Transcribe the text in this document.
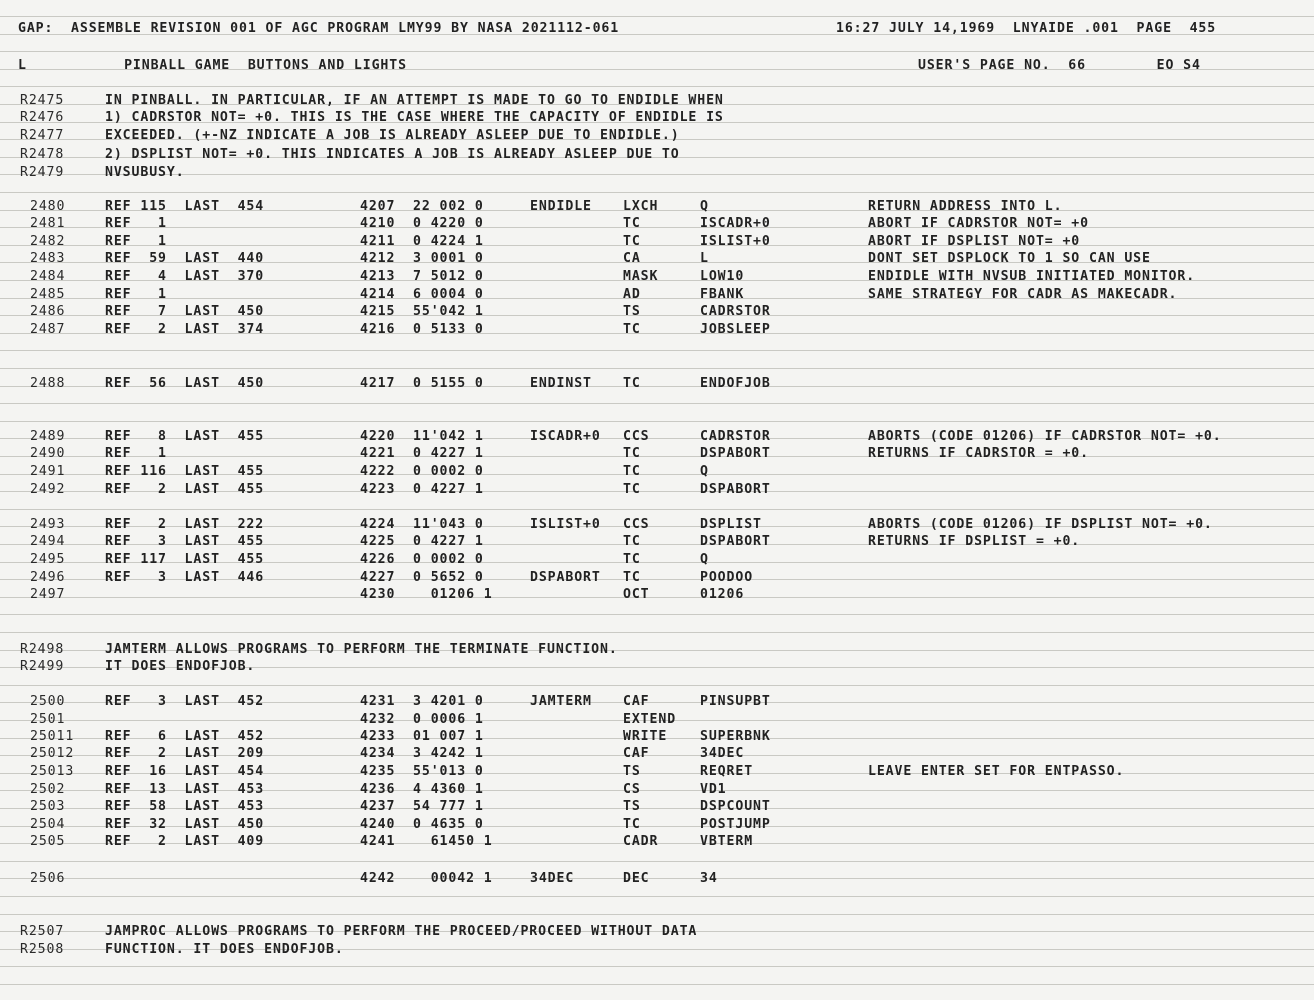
GAP:  ASSEMBLE REVISION 001 OF AGC PROGRAM LMY99 BY NASA 2021112-061	16:27 JULY 14,1969  LNYAIDE .001  PAGE  455
L           PINBALL GAME  BUTTONS AND LIGHTS	USER'S PAGE NO.  66        EO S4
R2475	IN PINBALL. IN PARTICULAR, IF AN ATTEMPT IS MADE TO GO TO ENDIDLE WHEN
R2476	1) CADRSTOR NOT= +0. THIS IS THE CASE WHERE THE CAPACITY OF ENDIDLE IS
R2477	EXCEEDED. (+-NZ INDICATE A JOB IS ALREADY ASLEEP DUE TO ENDIDLE.)
R2478	2) DSPLIST NOT= +0. THIS INDICATES A JOB IS ALREADY ASLEEP DUE TO
R2479	NVSUBUSY.
2480	REF 115  LAST  454	4207  22 002 0	ENDIDLE LXCH	Q	RETURN ADDRESS INTO L.
2481	REF   1	4210  0 4220 0	TC	ISCADR+0	ABORT IF CADRSTOR NOT= +0
2482	REF   1	4211  0 4224 1	TC	ISLIST+0	ABORT IF DSPLIST NOT= +0
2483	REF  59  LAST  440	4212  3 0001 0	CA	L	DONT SET DSPLOCK TO 1 SO CAN USE
2484	REF   4  LAST  370	4213  7 5012 0	MASK	LOW10	ENDIDLE WITH NVSUB INITIATED MONITOR.
2485	REF   1	4214  6 0004 0	AD	FBANK	SAME STRATEGY FOR CADR AS MAKECADR.
2486	REF   7  LAST  450	4215  55'042 1	TS	CADRSTOR
2487	REF   2  LAST  374	4216  0 5133 0	TC	JOBSLEEP
2488	REF  56  LAST  450	4217  0 5155 0	ENDINST TC	ENDOFJOB
2489	REF   8  LAST  455	4220  11'042 1	ISCADR+0 CCS	CADRSTOR	ABORTS (CODE 01206) IF CADRSTOR NOT= +0.
2490	REF   1	4221  0 4227 1	TC	DSPABORT	RETURNS IF CADRSTOR = +0.
2491	REF 116  LAST  455	4222  0 0002 0	TC	Q
2492	REF   2  LAST  455	4223  0 4227 1	TC	DSPABORT
2493	REF   2  LAST  222	4224  11'043 0	ISLIST+0 CCS	DSPLIST	ABORTS (CODE 01206) IF DSPLIST NOT= +0.
2494	REF   3  LAST  455	4225  0 4227 1	TC	DSPABORT	RETURNS IF DSPLIST = +0.
2495	REF 117  LAST  455	4226  0 0002 0	TC	Q
2496	REF   3  LAST  446	4227  0 5652 0	DSPABORT TC	POODOO
2497	4230    01206 1	OCT	01206
R2498	JAMTERM ALLOWS PROGRAMS TO PERFORM THE TERMINATE FUNCTION.
R2499	IT DOES ENDOFJOB.
2500	REF   3  LAST  452	4231  3 4201 0	JAMTERM CAF	PINSUPBT
2501	4232  0 0006 1	EXTEND
25011 REF   6  LAST  452	4233  01 007 1	WRITE SUPERBNK
25012 REF   2  LAST  209	4234  3 4242 1	CAF	34DEC
25013 REF  16  LAST  454	4235  55'013 0	TS	REQRET	LEAVE ENTER SET FOR ENTPASSO.
2502	REF  13  LAST  453	4236  4 4360 1	CS	VD1
2503	REF  58  LAST  453	4237  54 777 1	TS	DSPCOUNT
2504	REF  32  LAST  450	4240  0 4635 0	TC	POSTJUMP
2505	REF   2  LAST  409	4241    61450 1	CADR	VBTERM
2506	4242    00042 1	34DEC	DEC	34
R2507	JAMPROC ALLOWS PROGRAMS TO PERFORM THE PROCEED/PROCEED WITHOUT DATA
R2508	FUNCTION. IT DOES ENDOFJOB.
